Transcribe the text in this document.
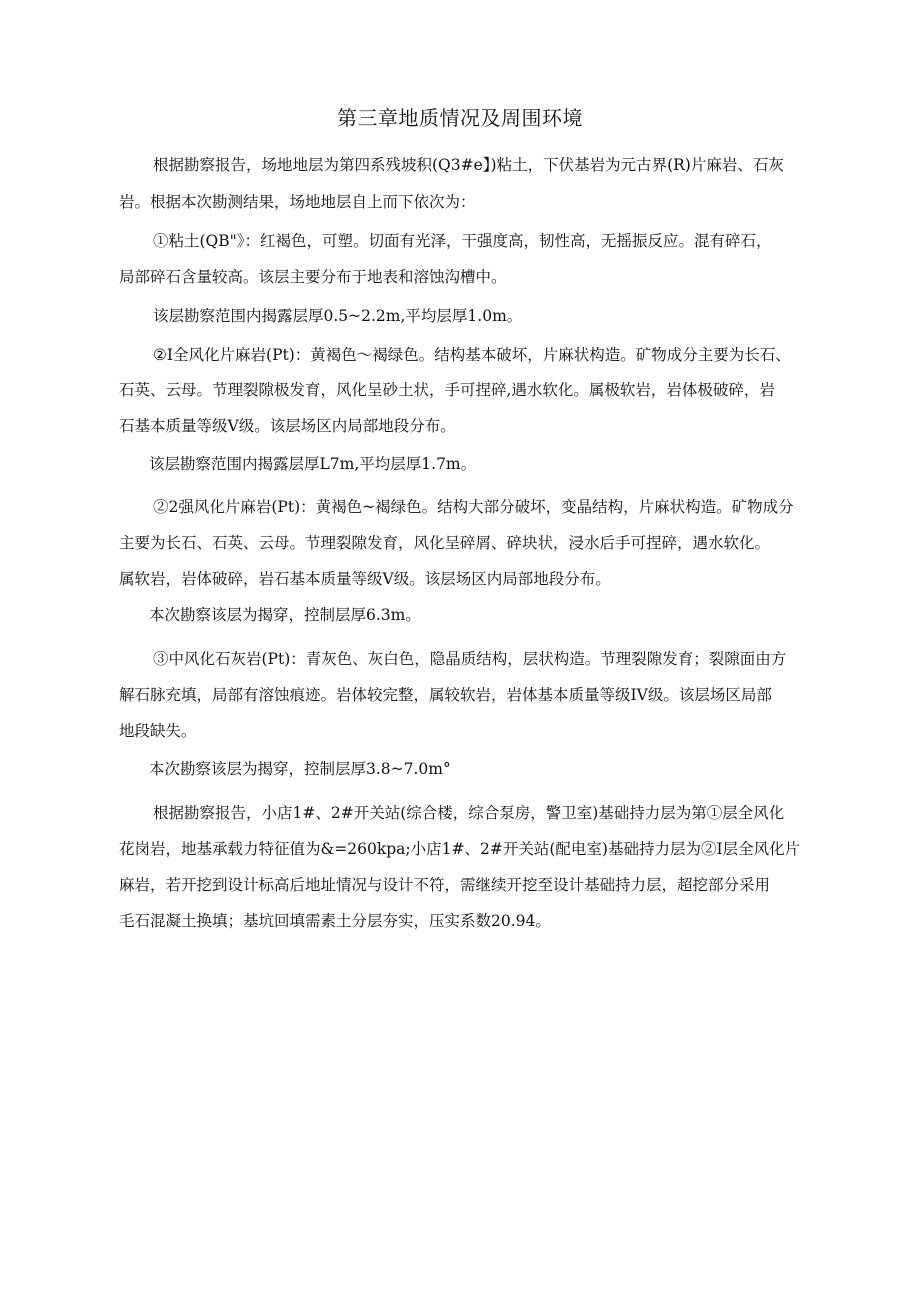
第三章地质情况及周围环境
根据勘察报告，场地地层为第四系残坡积(Q3#e】)粘土，下伏基岩为元古界(R)片麻岩、石灰
岩。根据本次勘测结果，场地地层自上而下依次为：
①粘土(QB"》：红褐色，可塑。切面有光泽，干强度高，韧性高，无摇振反应。混有碎石，
局部碎石含量较高。该层主要分布于地表和溶蚀沟槽中。
该层勘察范围内揭露层厚0.5~2.2m,平均层厚1.0m。
②I全风化片麻岩(Pt)：黄褐色～褐绿色。结构基本破坏，片麻状构造。矿物成分主要为长石、
石英、云母。节理裂隙极发育，风化呈砂土状，手可捏碎,遇水软化。属极软岩，岩体极破碎，岩
石基本质量等级V级。该层场区内局部地段分布。
该层勘察范围内揭露层厚L7m,平均层厚1.7m。
②2强风化片麻岩(Pt)：黄褐色~褐绿色。结构大部分破坏，变晶结构，片麻状构造。矿物成分
主要为长石、石英、云母。节理裂隙发育，风化呈碎屑、碎块状，浸水后手可捏碎，遇水软化。
属软岩，岩体破碎，岩石基本质量等级V级。该层场区内局部地段分布。
本次勘察该层为揭穿，控制层厚6.3m。
③中风化石灰岩(Pt)：青灰色、灰白色，隐晶质结构，层状构造。节理裂隙发育；裂隙面由方
解石脉充填，局部有溶蚀痕迹。岩体较完整，属较软岩，岩体基本质量等级IV级。该层场区局部
地段缺失。
本次勘察该层为揭穿，控制层厚3.8~7.0m°
根据勘察报告，小店1#、2#开关站(综合楼，综合泵房，警卫室)基础持力层为第①层全风化
花岗岩，地基承载力特征值为&=260kpa;小店1#、2#开关站(配电室)基础持力层为②I层全风化片
麻岩，若开挖到设计标高后地址情况与设计不符，需继续开挖至设计基础持力层，超挖部分采用
毛石混凝土换填；基坑回填需素土分层夯实，压实系数20.94。
